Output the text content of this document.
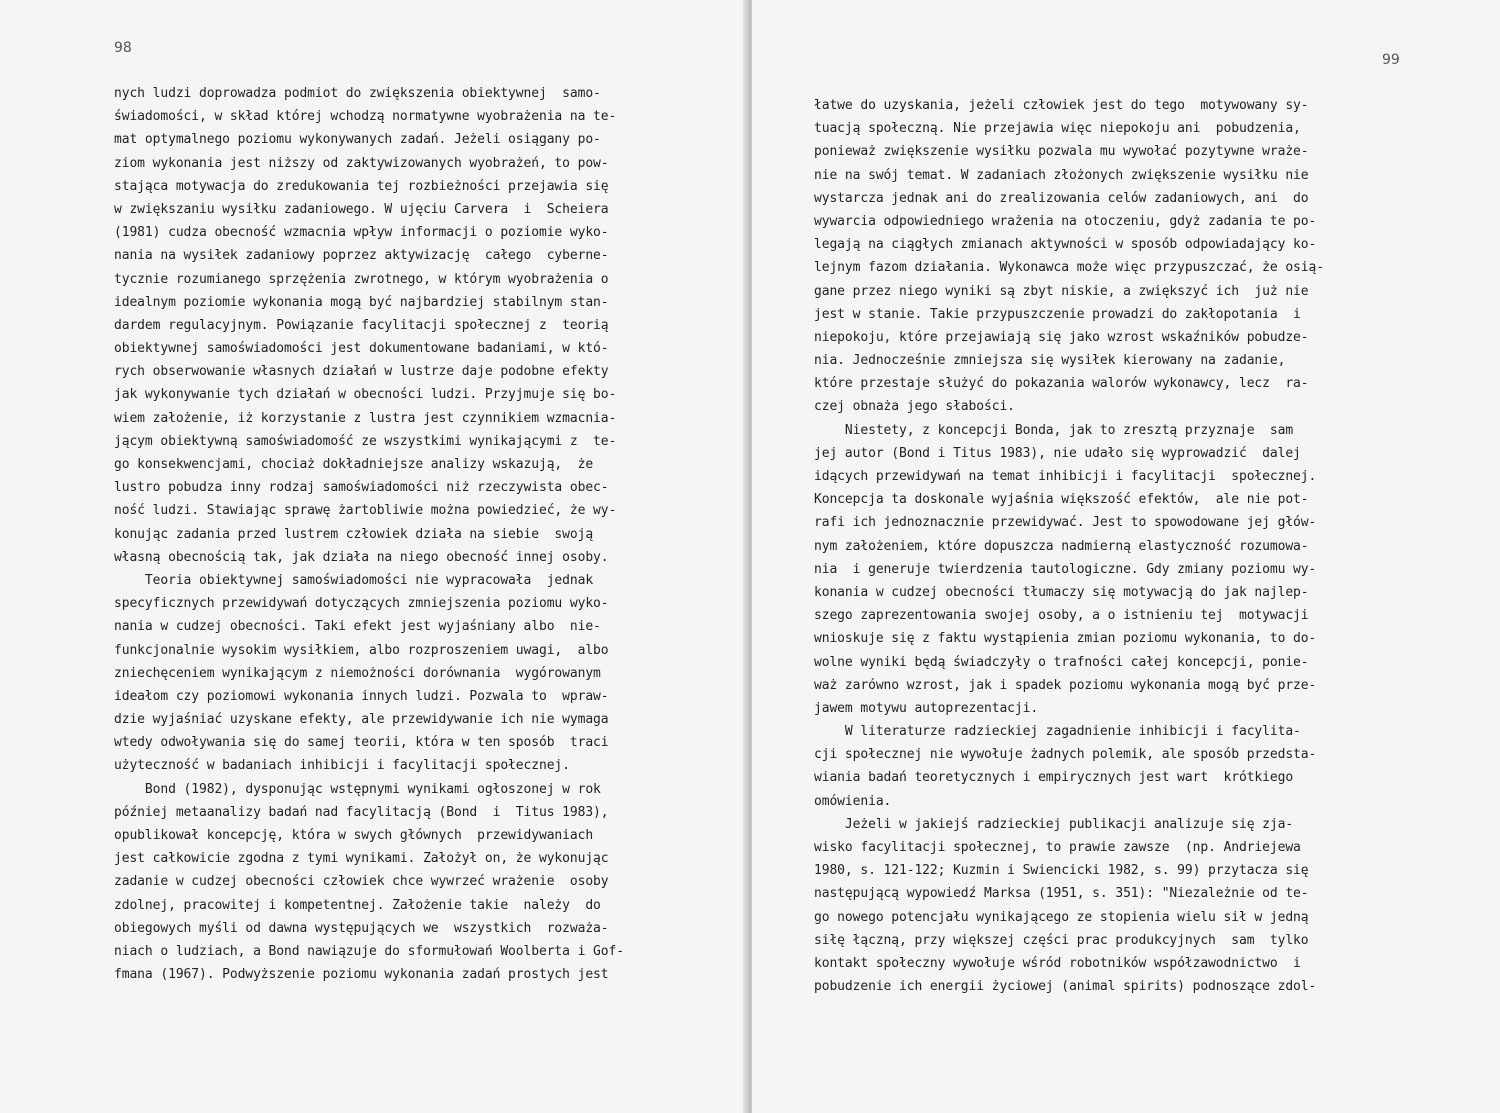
98
nych ludzi doprowadza podmiot do zwiększenia obiektywnej  samo-
świadomości, w skład której wchodzą normatywne wyobrażenia na te-
mat optymalnego poziomu wykonywanych zadań. Jeżeli osiągany po-
ziom wykonania jest niższy od zaktywizowanych wyobrażeń, to pow-
stająca motywacja do zredukowania tej rozbieżności przejawia się
w zwiększaniu wysiłku zadaniowego. W ujęciu Carvera  i  Scheiera
(1981) cudza obecność wzmacnia wpływ informacji o poziomie wyko-
nania na wysiłek zadaniowy poprzez aktywizację  całego  cyberne-
tycznie rozumianego sprzężenia zwrotnego, w którym wyobrażenia o
idealnym poziomie wykonania mogą być najbardziej stabilnym stan-
dardem regulacyjnym. Powiązanie facylitacji społecznej z  teorią
obiektywnej samoświadomości jest dokumentowane badaniami, w któ-
rych obserwowanie własnych działań w lustrze daje podobne efekty
jak wykonywanie tych działań w obecności ludzi. Przyjmuje się bo-
wiem założenie, iż korzystanie z lustra jest czynnikiem wzmacnia-
jącym obiektywną samoświadomość ze wszystkimi wynikającymi z  te-
go konsekwencjami, chociaż dokładniejsze analizy wskazują,  że
lustro pobudza inny rodzaj samoświadomości niż rzeczywista obec-
ność ludzi. Stawiając sprawę żartobliwie można powiedzieć, że wy-
konując zadania przed lustrem człowiek działa na siebie  swoją
własną obecnością tak, jak działa na niego obecność innej osoby.
Teoria obiektywnej samoświadomości nie wypracowała  jednak
specyficznych przewidywań dotyczących zmniejszenia poziomu wyko-
nania w cudzej obecności. Taki efekt jest wyjaśniany albo  nie-
funkcjonalnie wysokim wysiłkiem, albo rozproszeniem uwagi,  albo
zniechęceniem wynikającym z niemożności dorównania  wygórowanym
ideałom czy poziomowi wykonania innych ludzi. Pozwala to  wpraw-
dzie wyjaśniać uzyskane efekty, ale przewidywanie ich nie wymaga
wtedy odwoływania się do samej teorii, która w ten sposób  traci
użyteczność w badaniach inhibicji i facylitacji społecznej.
Bond (1982), dysponując wstępnymi wynikami ogłoszonej w rok
później metaanalizy badań nad facylitacją (Bond  i  Titus 1983),
opublikował koncepcję, która w swych głównych  przewidywaniach
jest całkowicie zgodna z tymi wynikami. Założył on, że wykonując
zadanie w cudzej obecności człowiek chce wywrzeć wrażenie  osoby
zdolnej, pracowitej i kompetentnej. Założenie takie  należy  do
obiegowych myśli od dawna występujących we  wszystkich  rozważa-
niach o ludziach, a Bond nawiązuje do sformułowań Woolberta i Gof-
fmana (1967). Podwyższenie poziomu wykonania zadań prostych jest
99
łatwe do uzyskania, jeżeli człowiek jest do tego  motywowany sy-
tuacją społeczną. Nie przejawia więc niepokoju ani  pobudzenia,
ponieważ zwiększenie wysiłku pozwala mu wywołać pozytywne wraże-
nie na swój temat. W zadaniach złożonych zwiększenie wysiłku nie
wystarcza jednak ani do zrealizowania celów zadaniowych, ani  do
wywarcia odpowiedniego wrażenia na otoczeniu, gdyż zadania te po-
legają na ciągłych zmianach aktywności w sposób odpowiadający ko-
lejnym fazom działania. Wykonawca może więc przypuszczać, że osią-
gane przez niego wyniki są zbyt niskie, a zwiększyć ich  już nie
jest w stanie. Takie przypuszczenie prowadzi do zakłopotania  i
niepokoju, które przejawiają się jako wzrost wskaźników pobudze-
nia. Jednocześnie zmniejsza się wysiłek kierowany na zadanie,
które przestaje służyć do pokazania walorów wykonawcy, lecz  ra-
czej obnaża jego słabości.
Niestety, z koncepcji Bonda, jak to zresztą przyznaje  sam
jej autor (Bond i Titus 1983), nie udało się wyprowadzić  dalej
idących przewidywań na temat inhibicji i facylitacji  społecznej.
Koncepcja ta doskonale wyjaśnia większość efektów,  ale nie pot-
rafi ich jednoznacznie przewidywać. Jest to spowodowane jej głów-
nym założeniem, które dopuszcza nadmierną elastyczność rozumowa-
nia  i generuje twierdzenia tautologiczne. Gdy zmiany poziomu wy-
konania w cudzej obecności tłumaczy się motywacją do jak najlep-
szego zaprezentowania swojej osoby, a o istnieniu tej  motywacji
wnioskuje się z faktu wystąpienia zmian poziomu wykonania, to do-
wolne wyniki będą świadczyły o trafności całej koncepcji, ponie-
waż zarówno wzrost, jak i spadek poziomu wykonania mogą być prze-
jawem motywu autoprezentacji.
W literaturze radzieckiej zagadnienie inhibicji i facylita-
cji społecznej nie wywołuje żadnych polemik, ale sposób przedsta-
wiania badań teoretycznych i empirycznych jest wart  krótkiego
omówienia.
Jeżeli w jakiejś radzieckiej publikacji analizuje się zja-
wisko facylitacji społecznej, to prawie zawsze  (np. Andriejewa
1980, s. 121-122; Kuzmin i Swiencicki 1982, s. 99) przytacza się
następującą wypowiedź Marksa (1951, s. 351): "Niezależnie od te-
go nowego potencjału wynikającego ze stopienia wielu sił w jedną
siłę łączną, przy większej części prac produkcyjnych  sam  tylko
kontakt społeczny wywołuje wśród robotników współzawodnictwo  i
pobudzenie ich energii życiowej (animal spirits) podnoszące zdol-
